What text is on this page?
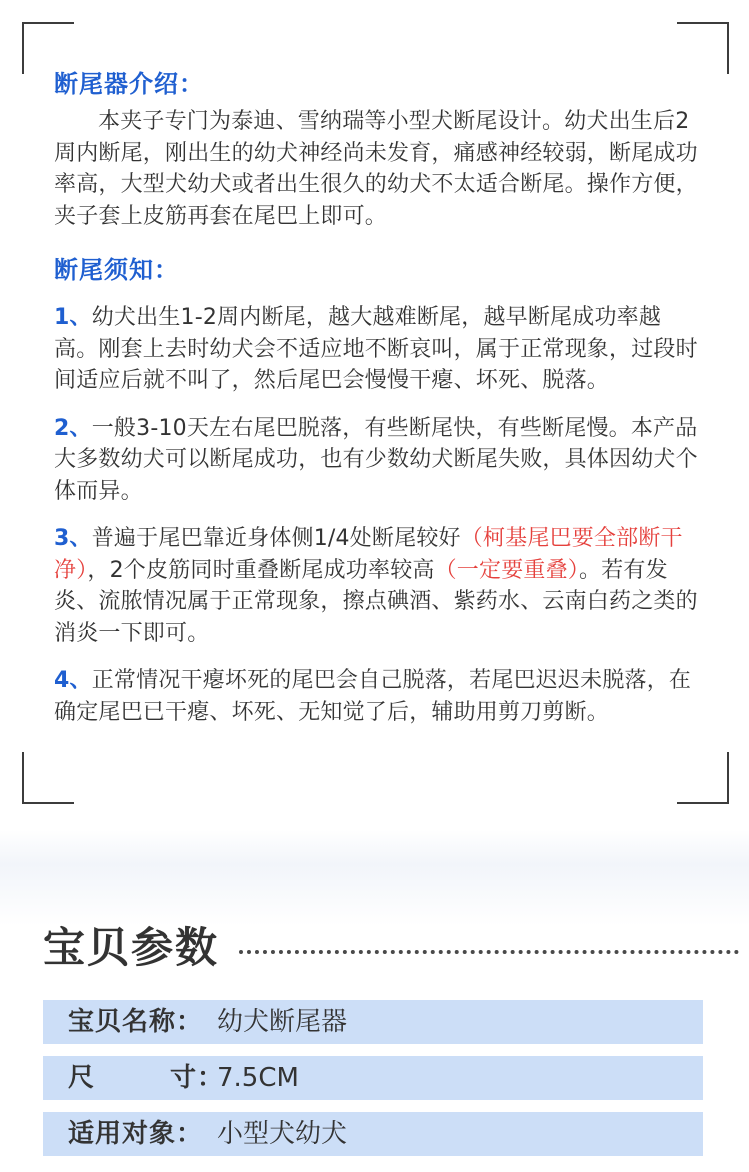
断尾器介绍：
本夹子专门为泰迪、雪纳瑞等小型犬断尾设计。幼犬出生后2周内断尾，刚出生的幼犬神经尚未发育，痛感神经较弱，断尾成功率高，大型犬幼犬或者出生很久的幼犬不太适合断尾。操作方便，夹子套上皮筋再套在尾巴上即可。
断尾须知：
1、幼犬出生1-2周内断尾，越大越难断尾，越早断尾成功率越高。刚套上去时幼犬会不适应地不断哀叫，属于正常现象，过段时间适应后就不叫了，然后尾巴会慢慢干瘪、坏死、脱落。
2、一般3-10天左右尾巴脱落，有些断尾快，有些断尾慢。本产品大多数幼犬可以断尾成功，也有少数幼犬断尾失败，具体因幼犬个体而异。
3、普遍于尾巴靠近身体侧1/4处断尾较好（柯基尾巴要全部断干净），2个皮筋同时重叠断尾成功率较高（一定要重叠）。若有发炎、流脓情况属于正常现象，擦点碘酒、紫药水、云南白药之类的消炎一下即可。
4、正常情况干瘪坏死的尾巴会自己脱落，若尾巴迟迟未脱落，在确定尾巴已干瘪、坏死、无知觉了后，辅助用剪刀剪断。
宝贝参数
宝贝名称： 幼犬断尾器
尺	寸：
7.5CM
适用对象： 小型犬幼犬
